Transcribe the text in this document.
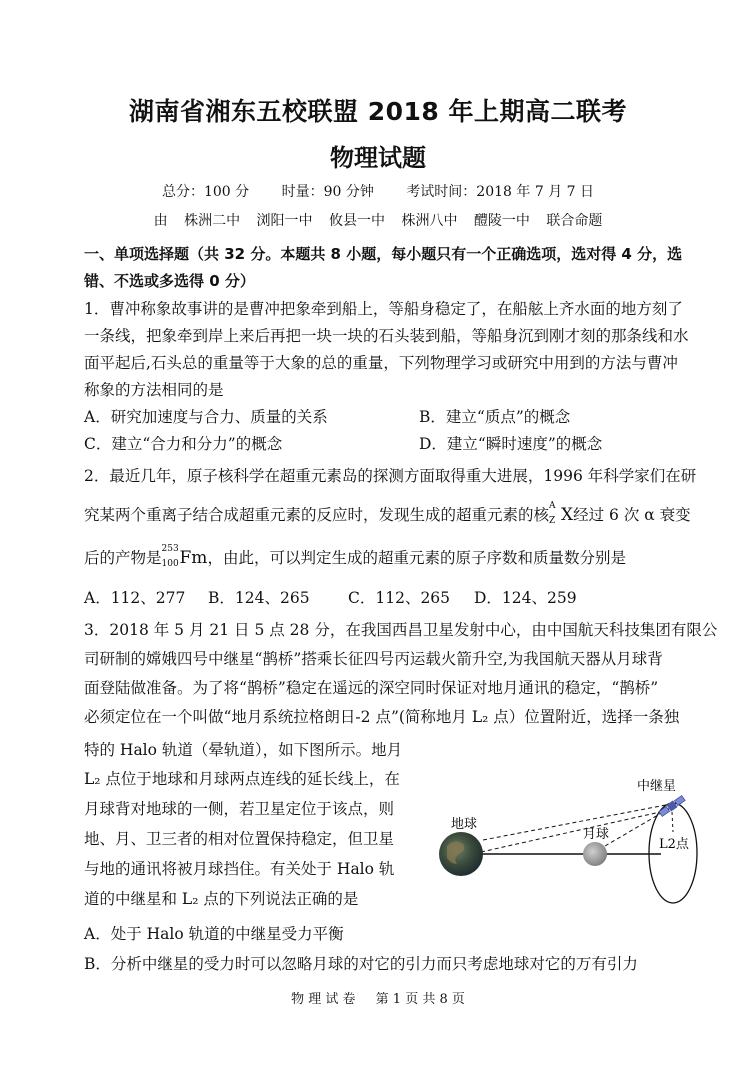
湖南省湘东五校联盟 2018 年上期高二联考
物理试题
总分：100 分 时量：90 分钟 考试时间：2018 年 7 月 7 日
由 株洲二中 浏阳一中 攸县一中 株洲八中 醴陵一中 联合命题
一、单项选择题（共 32 分。本题共 8 小题，每小题只有一个正确选项，选对得 4 分，选
错、不选或多选得 0 分）
1．曹冲称象故事讲的是曹冲把象牵到船上，等船身稳定了，在船舷上齐水面的地方刻了
一条线，把象牵到岸上来后再把一块一块的石头装到船，等船身沉到刚才刻的那条线和水
面平起后,石头总的重量等于大象的总的重量，下列物理学习或研究中用到的方法与曹冲
称象的方法相同的是
A．研究加速度与合力、质量的关系	B．建立“质点”的概念
C．建立“合力和分力”的概念	D．建立“瞬时速度”的概念
2．最近几年，原子核科学在超重元素岛的探测方面取得重大进展，1996 年科学家们在研
究某两个重离子结合成超重元素的反应时，发现生成的超重元素的核 A
Z X经过 6 次 α 衰变
后的产物是 253
100 Fm，由此，可以判定生成的超重元素的原子序数和质量数分别是
A．112、277 B．124、265 C．112、265 D．124、259
3．2018 年 5 月 21 日 5 点 28 分，在我国西昌卫星发射中心，由中国航天科技集团有限公
司研制的嫦娥四号中继星“鹊桥”搭乘长征四号丙运载火箭升空,为我国航天器从月球背
面登陆做准备。为了将“鹊桥”稳定在遥远的深空同时保证对地月通讯的稳定，“鹊桥”
必须定位在一个叫做“地月系统拉格朗日-2 点”(简称地月 L₂ 点）位置附近，选择一条独
特的 Halo 轨道（晕轨道），如下图所示。地月
L₂ 点位于地球和月球两点连线的延长线上，在
月球背对地球的一侧，若卫星定位于该点，则
地、月、卫三者的相对位置保持稳定，但卫星
与地的通讯将被月球挡住。有关处于 Halo 轨
道的中继星和 L₂ 点的下列说法正确的是
A．处于 Halo 轨道的中继星受力平衡
B．分析中继星的受力时可以忽略月球的对它的引力而只考虑地球对它的万有引力
地球
月球
中继星
L2点
物 理 试 卷 第 1 页 共 8 页
